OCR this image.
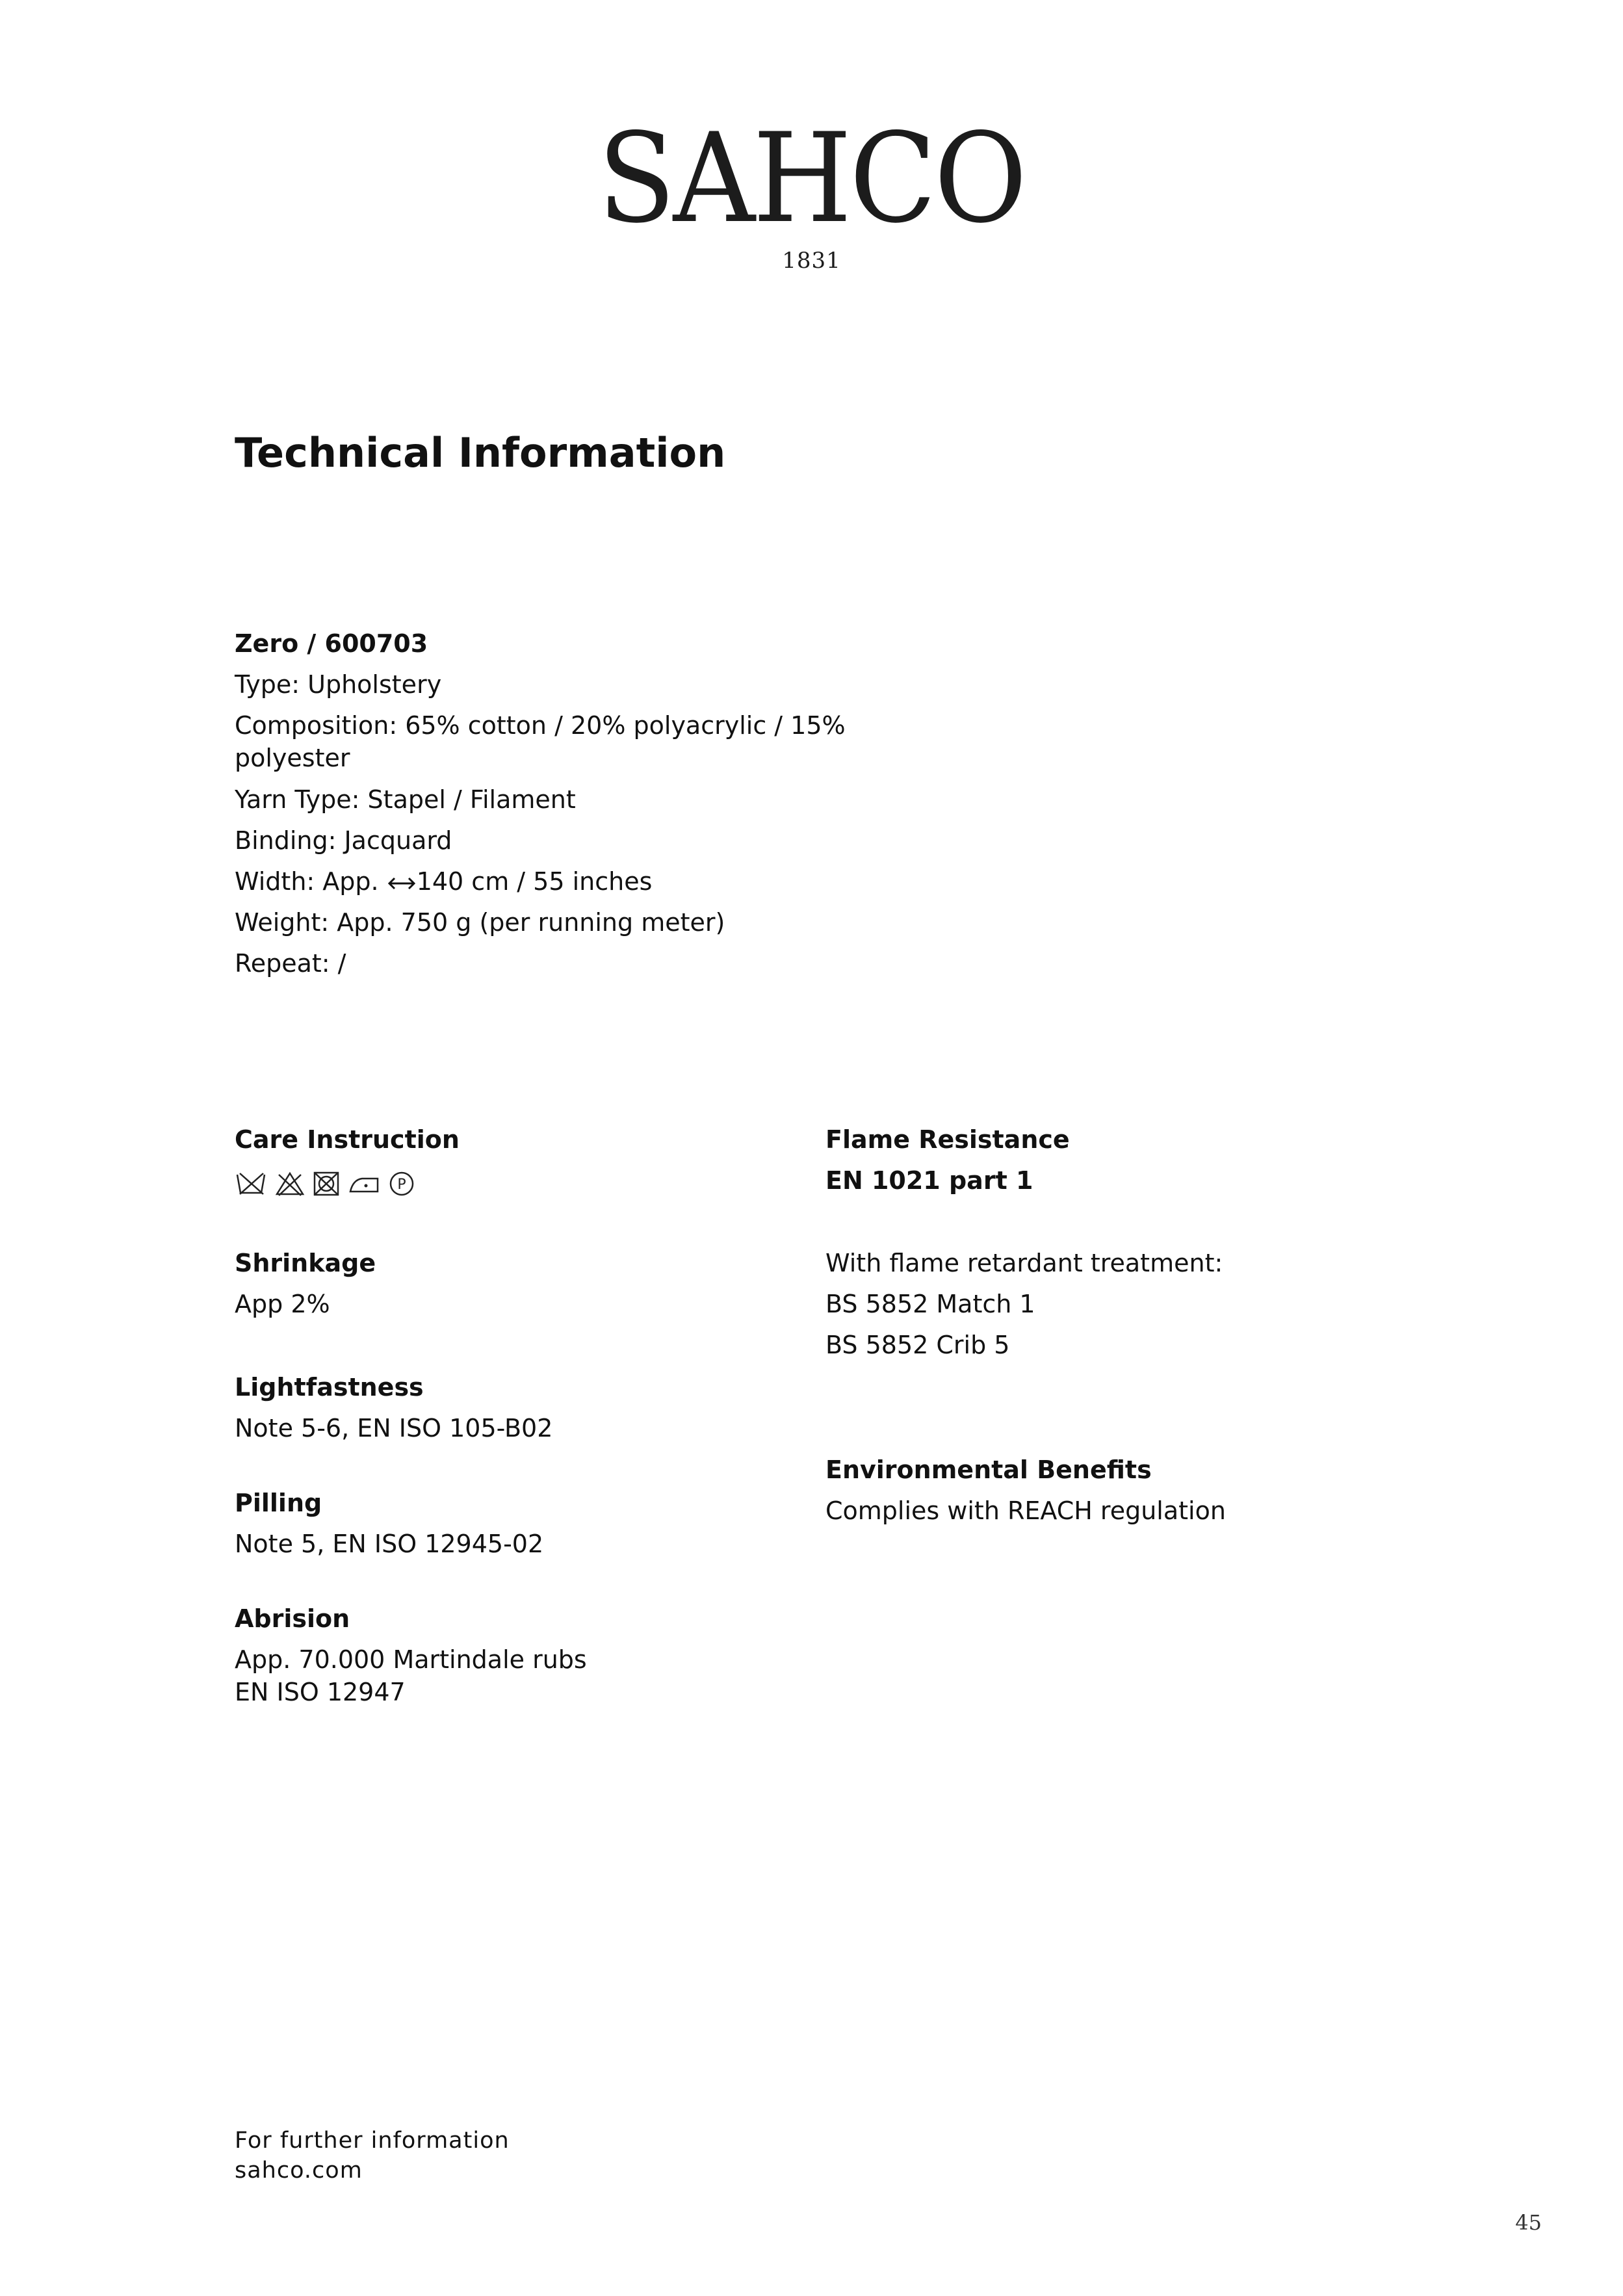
SAHCO
1831
Technical Information

Zero / 600703

Type: Upholstery

Composition: 65% cotton / 20% polyacrylic / 15% polyester

Yarn Type: Stapel / Filament

Binding: Jacquard

Width: App. 140 cm / 55 inches

Weight: App. 750 g (per running meter)

Repeat: /

Care Instruction

P

Shrinkage

App 2%

Lightfastness

Note 5-6, EN ISO 105-B02

Pilling

Note 5, EN ISO 12945-02

Abrision

App. 70.000 Martindale rubs

EN ISO 12947

Flame Resistance

EN 1021 part 1

With flame retardant treatment:

BS 5852 Match 1

BS 5852 Crib 5

Environmental Benefits

Complies with REACH regulation

For further information

sahco.com

45
